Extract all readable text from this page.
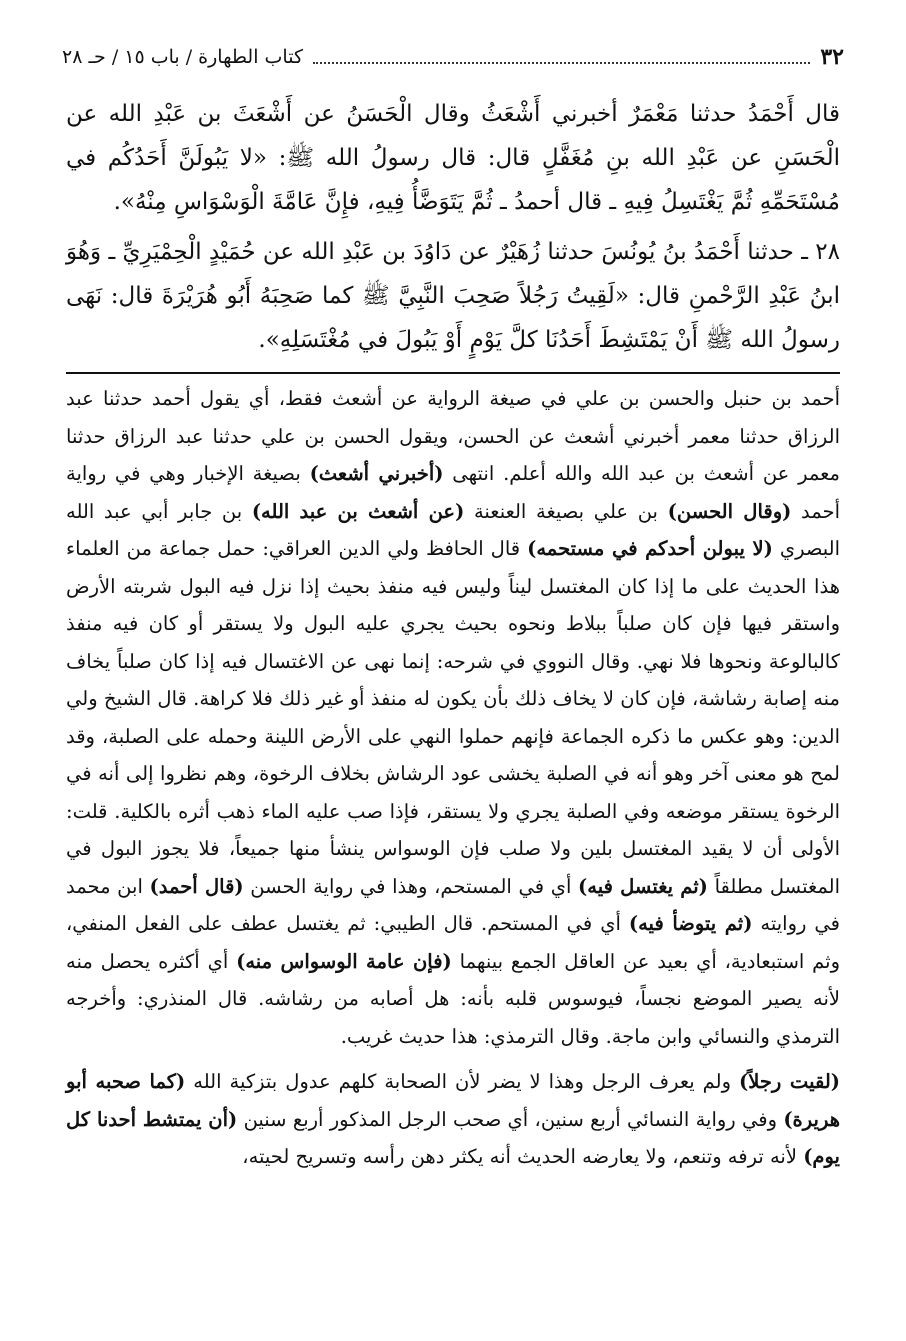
٣٢
كتاب الطهارة / باب ١٥ / حـ ٢٨

قال أَحْمَدُ حدثنا مَعْمَرٌ أخبرني أَشْعَثُ وقال الْحَسَنُ عن أَشْعَثَ بن عَبْدِ الله عن الْحَسَنِ عن عَبْدِ الله بنِ مُغَفَّلٍ قال: قال رسولُ الله ﷺ: «لا يَبُولَنَّ أَحَدُكُم في مُسْتَحَمِّهِ ثُمَّ يَغْتَسِلُ فِيهِ ـ قال أحمدُ ـ ثُمَّ يَتَوَضَّأُ فِيهِ، فإِنَّ عَامَّةَ الْوَسْوَاسِ مِنْهُ».

٢٨ ـ حدثنا أَحْمَدُ بنُ يُونُسَ حدثنا زُهَيْرٌ عن دَاوُدَ بن عَبْدِ الله عن حُمَيْدٍ الْحِمْيَرِيِّ ـ وَهُوَ ابنُ عَبْدِ الرَّحْمنِ قال: «لَقِيتُ رَجُلاً صَحِبَ النَّبِيَّ ﷺ كما صَحِبَهُ أَبُو هُرَيْرَةَ قال: نَهَى رسولُ الله ﷺ أَنْ يَمْتَشِطَ أَحَدُنَا كلَّ يَوْمٍ أَوْ يَبُولَ في مُغْتَسَلِهِ».

أحمد بن حنبل والحسن بن علي في صيغة الرواية عن أشعث فقط، أي يقول أحمد حدثنا عبد الرزاق حدثنا معمر أخبرني أشعث عن الحسن، ويقول الحسن بن علي حدثنا عبد الرزاق حدثنا معمر عن أشعث بن عبد الله والله أعلم. انتهى (أخبرني أشعث) بصيغة الإخبار وهي في رواية أحمد (وقال الحسن) بن علي بصيغة العنعنة (عن أشعث بن عبد الله) بن جابر أبي عبد الله البصري (لا يبولن أحدكم في مستحمه) قال الحافظ ولي الدين العراقي: حمل جماعة من العلماء هذا الحديث على ما إذا كان المغتسل ليناً وليس فيه منفذ بحيث إذا نزل فيه البول شربته الأرض واستقر فيها فإن كان صلباً ببلاط ونحوه بحيث يجري عليه البول ولا يستقر أو كان فيه منفذ كالبالوعة ونحوها فلا نهي. وقال النووي في شرحه: إنما نهى عن الاغتسال فيه إذا كان صلباً يخاف منه إصابة رشاشة، فإن كان لا يخاف ذلك بأن يكون له منفذ أو غير ذلك فلا كراهة. قال الشيخ ولي الدين: وهو عكس ما ذكره الجماعة فإنهم حملوا النهي على الأرض اللينة وحمله على الصلبة، وقد لمح هو معنى آخر وهو أنه في الصلبة يخشى عود الرشاش بخلاف الرخوة، وهم نظروا إلى أنه في الرخوة يستقر موضعه وفي الصلبة يجري ولا يستقر، فإذا صب عليه الماء ذهب أثره بالكلية. قلت: الأولى أن لا يقيد المغتسل بلين ولا صلب فإن الوسواس ينشأ منها جميعاً، فلا يجوز البول في المغتسل مطلقاً (ثم يغتسل فيه) أي في المستحم، وهذا في رواية الحسن (قال أحمد) ابن محمد في روايته (ثم يتوضأ فيه) أي في المستحم. قال الطيبي: ثم يغتسل عطف على الفعل المنفي، وثم استبعادية، أي بعيد عن العاقل الجمع بينهما (فإن عامة الوسواس منه) أي أكثره يحصل منه لأنه يصير الموضع نجساً، فيوسوس قلبه بأنه: هل أصابه من رشاشه. قال المنذري: وأخرجه الترمذي والنسائي وابن ماجة. وقال الترمذي: هذا حديث غريب.

(لقيت رجلاً) ولم يعرف الرجل وهذا لا يضر لأن الصحابة كلهم عدول بتزكية الله (كما صحبه أبو هريرة) وفي رواية النسائي أربع سنين، أي صحب الرجل المذكور أربع سنين (أن يمتشط أحدنا كل يوم) لأنه ترفه وتنعم، ولا يعارضه الحديث أنه يكثر دهن رأسه وتسريح لحيته،
